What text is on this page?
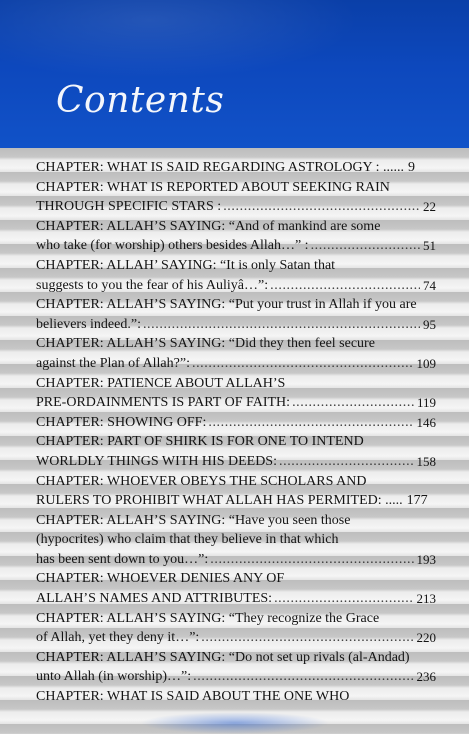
Contents
CHAPTER: WHAT IS SAID REGARDING ASTROLOGY : ...... 9
CHAPTER: WHAT IS REPORTED ABOUT SEEKING RAIN
THROUGH SPECIFIC STARS : .....	22
CHAPTER: ALLAH’S SAYING: “And of mankind are some
who take (for worship) others besides Allah…” : .....	51
CHAPTER: ALLAH’ SAYING: “It is only Satan that
suggests to you the fear of his Auliyâ…”: .....	74
CHAPTER: ALLAH’S SAYING: “Put your trust in Allah if you are
believers indeed.”: .....	95
CHAPTER: ALLAH’S SAYING: “Did they then feel secure
against the Plan of Allah?”: .....	109
CHAPTER: PATIENCE ABOUT ALLAH’S
PRE-ORDAINMENTS IS PART OF FAITH: .....	119
CHAPTER: SHOWING OFF: .....	146
CHAPTER: PART OF SHIRK IS FOR ONE TO INTEND
WORLDLY THINGS WITH HIS DEEDS: .....	158
CHAPTER: WHOEVER OBEYS THE SCHOLARS AND
RULERS TO PROHIBIT WHAT ALLAH HAS PERMITED: ..... 177
CHAPTER: ALLAH’S SAYING: “Have you seen those
(hypocrites) who claim that they believe in that which
has been sent down to you…”: .....	193
CHAPTER: WHOEVER DENIES ANY OF
ALLAH’S NAMES AND ATTRIBUTES: .....	213
CHAPTER: ALLAH’S SAYING: “They recognize the Grace
of Allah, yet they deny it…”: .....	220
CHAPTER: ALLAH’S SAYING: “Do not set up rivals (al-Andad)
unto Allah (in worship)…”: .....	236
CHAPTER: WHAT IS SAID ABOUT THE ONE WHO
